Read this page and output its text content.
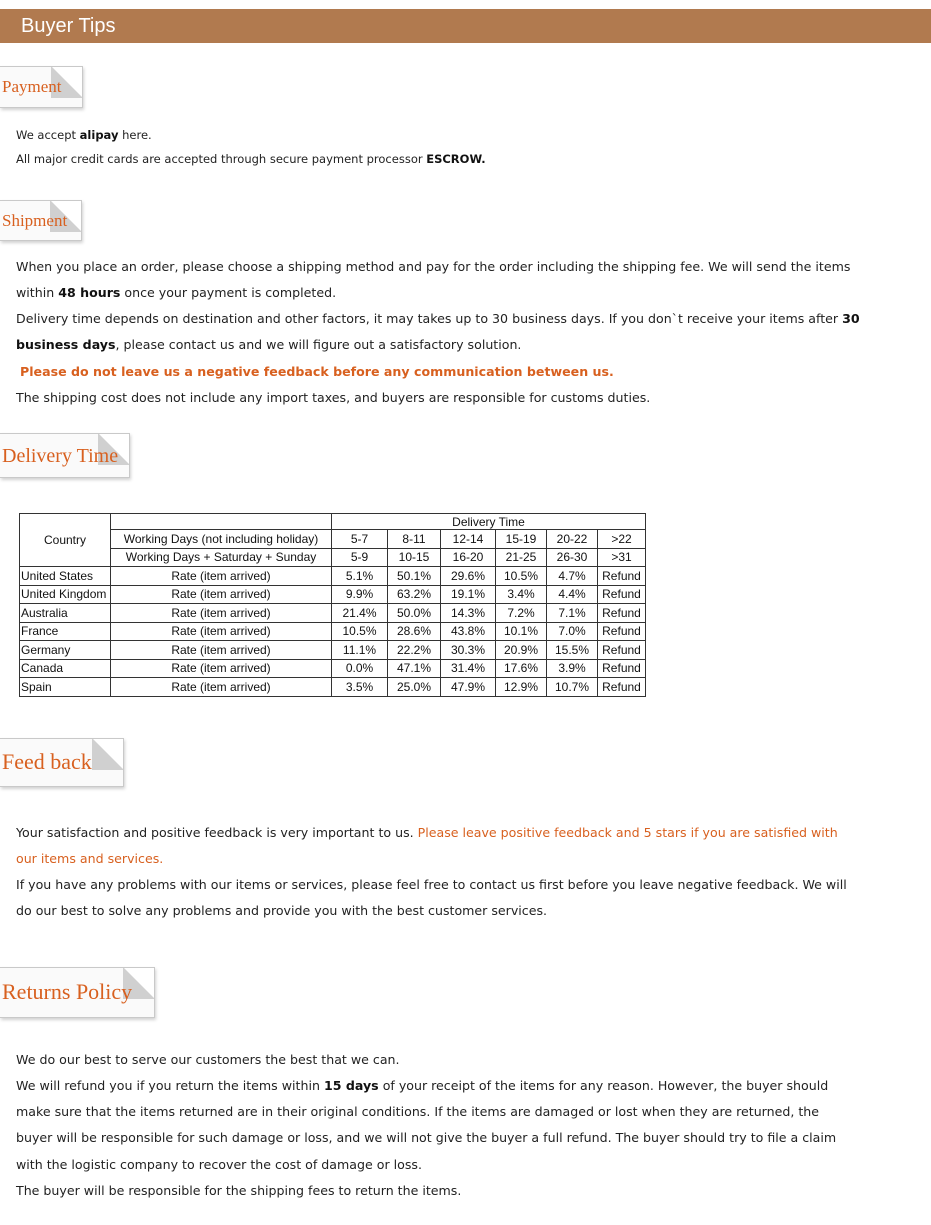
Buyer Tips
Payment
We accept alipay here.
All major credit cards are accepted through secure payment processor ESCROW.
Shipment
When you place an order, please choose a shipping method and pay for the order including the shipping fee. We will send the items
within 48 hours once your payment is completed.
Delivery time depends on destination and other factors, it may takes up to 30 business days. If you don`t receive your items after 30
business days, please contact us and we will figure out a satisfactory solution.
Please do not leave us a negative feedback before any communication between us.
The shipping cost does not include any import taxes, and buyers are responsible for customs duties.
Delivery Time
Country		Delivery Time					
	Working Days (not including holiday)	5-7	8-11	12-14	15-19	20-22	>22
	Working Days + Saturday + Sunday	5-9	10-15	16-20	21-25	26-30	>31
United States	Rate (item arrived)	5.1%	50.1%	29.6%	10.5%	4.7%	Refund
United Kingdom	Rate (item arrived)	9.9%	63.2%	19.1%	3.4%	4.4%	Refund
Australia	Rate (item arrived)	21.4%	50.0%	14.3%	7.2%	7.1%	Refund
France	Rate (item arrived)	10.5%	28.6%	43.8%	10.1%	7.0%	Refund
Germany	Rate (item arrived)	11.1%	22.2%	30.3%	20.9%	15.5%	Refund
Canada	Rate (item arrived)	0.0%	47.1%	31.4%	17.6%	3.9%	Refund
Spain	Rate (item arrived)	3.5%	25.0%	47.9%	12.9%	10.7%	Refund
Feed back
Your satisfaction and positive feedback is very important to us. Please leave positive feedback and 5 stars if you are satisfied with
our items and services.
If you have any problems with our items or services, please feel free to contact us first before you leave negative feedback. We will
do our best to solve any problems and provide you with the best customer services.
Returns Policy
We do our best to serve our customers the best that we can.
We will refund you if you return the items within 15 days of your receipt of the items for any reason. However, the buyer should
make sure that the items returned are in their original conditions. If the items are damaged or lost when they are returned, the
buyer will be responsible for such damage or loss, and we will not give the buyer a full refund. The buyer should try to file a claim
with the logistic company to recover the cost of damage or loss.
The buyer will be responsible for the shipping fees to return the items.
